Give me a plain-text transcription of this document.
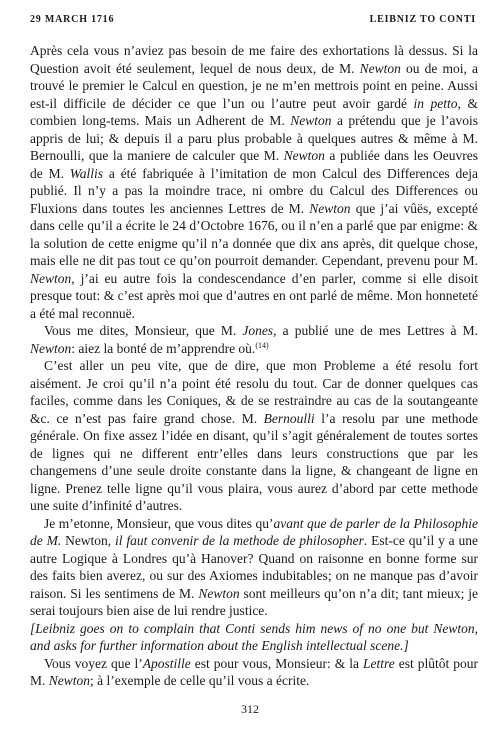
29 MARCH 1716	LEIBNIZ TO CONTI

Après cela vous n’aviez pas besoin de me faire des exhortations là dessus. Si la Question avoit été seulement, lequel de nous deux, de M. Newton ou de moi, a trouvé le premier le Calcul en question, je ne m’en mettrois point en peine. Aussi est-il difficile de décider ce que l’un ou l’autre peut avoir gardé in petto, & combien long-tems. Mais un Adherent de M. Newton a prétendu que je l’avois appris de lui; & depuis il a paru plus probable à quelques autres & même à M. Bernoulli, que la maniere de calculer que M. Newton a publiée dans les Oeuvres de M. Wallis a été fabriquée à l’imitation de mon Calcul des Differences deja publié. Il n’y a pas la moindre trace, ni ombre du Calcul des Differences ou Fluxions dans toutes les anciennes Lettres de M. Newton que j’ai vûës, excepté dans celle qu’il a écrite le 24 d’Octobre 1676, ou il n’en a parlé que par enigme: & la solution de cette enigme qu’il n’a donnée que dix ans après, dit quelque chose, mais elle ne dit pas tout ce qu’on pourroit demander. Cependant, prevenu pour M. Newton, j’ai eu autre fois la condescendance d’en parler, comme si elle disoit presque tout: & c’est après moi que d’autres en ont parlé de même. Mon honneteté a été mal reconnuë.

Vous me dites, Monsieur, que M. Jones, a publié une de mes Lettres à M. Newton: aiez la bonté de m’apprendre où.$^{(14)}$

C’est aller un peu vite, que de dire, que mon Probleme a été resolu fort aisément. Je croi qu’il n’a point été resolu du tout. Car de donner quelques cas faciles, comme dans les Coniques, & de se restraindre au cas de la soutangeante &c. ce n’est pas faire grand chose. M. Bernoulli l’a resolu par une methode générale. On fixe assez l’idée en disant, qu’il s’agit généralement de toutes sortes de lignes qui ne different entr’elles dans leurs constructions que par les changemens d’une seule droite constante dans la ligne, & changeant de ligne en ligne. Prenez telle ligne qu’il vous plaira, vous aurez d’abord par cette methode une suite d’infinité d’autres.

Je m’etonne, Monsieur, que vous dites qu’avant que de parler de la Philosophie de M. Newton, il faut convenir de la methode de philosopher. Est-ce qu’il y a une autre Logique à Londres qu’à Hanover? Quand on raisonne en bonne forme sur des faits bien averez, ou sur des Axiomes indubitables; on ne manque pas d’avoir raison. Si les sentimens de M. Newton sont meilleurs qu’on n’a dit; tant mieux; je serai toujours bien aise de lui rendre justice.

[Leibniz goes on to complain that Conti sends him news of no one but Newton, and asks for further information about the English intellectual scene.]

Vous voyez que l’Apostille est pour vous, Monsieur: & la Lettre est plûtôt pour M. Newton; à l’exemple de celle qu’il vous a écrite.

312
